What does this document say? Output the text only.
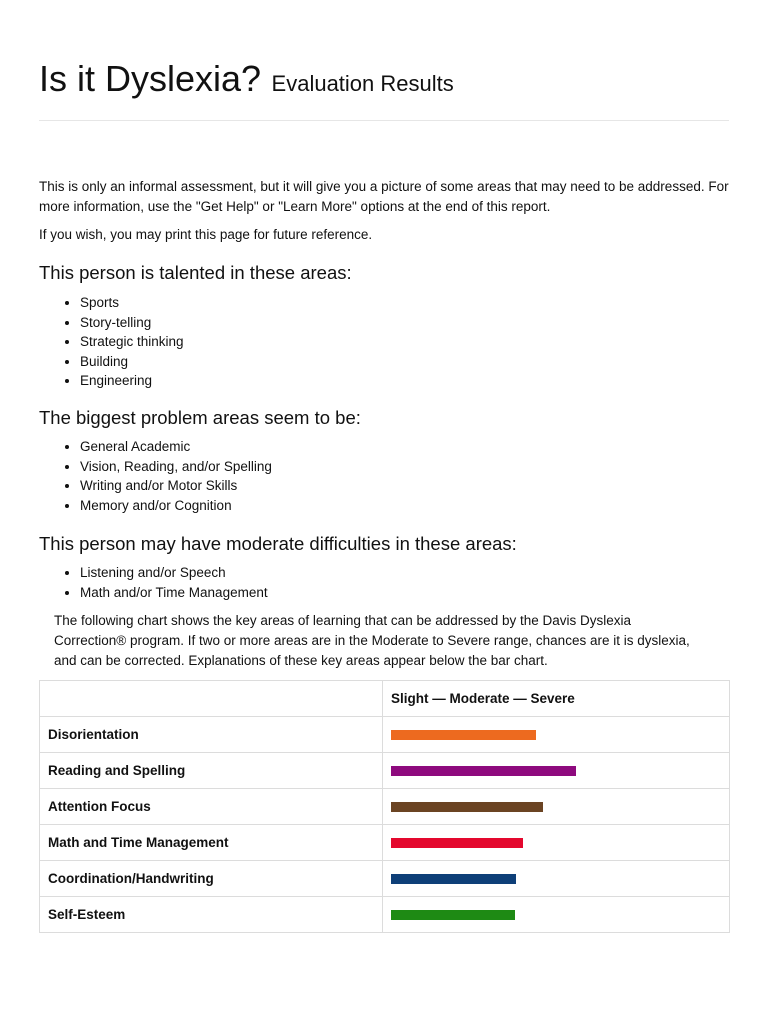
Is it Dyslexia? Evaluation Results

This is only an informal assessment, but it will give you a picture of some areas that may need to be addressed. For more information, use the "Get Help" or "Learn More" options at the end of this report.

If you wish, you may print this page for future reference.

This person is talented in these areas:
• Sports
• Story-telling
• Strategic thinking
• Building
• Engineering
The biggest problem areas seem to be:
• General Academic
• Vision, Reading, and/or Spelling
• Writing and/or Motor Skills
• Memory and/or Cognition
This person may have moderate difficulties in these areas:
• Listening and/or Speech
• Math and/or Time Management

The following chart shows the key areas of learning that can be addressed by the Davis Dyslexia Correction® program. If two or more areas are in the Moderate to Severe range, chances are it is dyslexia, and can be corrected. Explanations of these key areas appear below the bar chart.

	Slight — Moderate — Severe
Disorientation	

Reading and Spelling	

Attention Focus	

Math and Time Management	

Coordination/Handwriting	

Self-Esteem	
